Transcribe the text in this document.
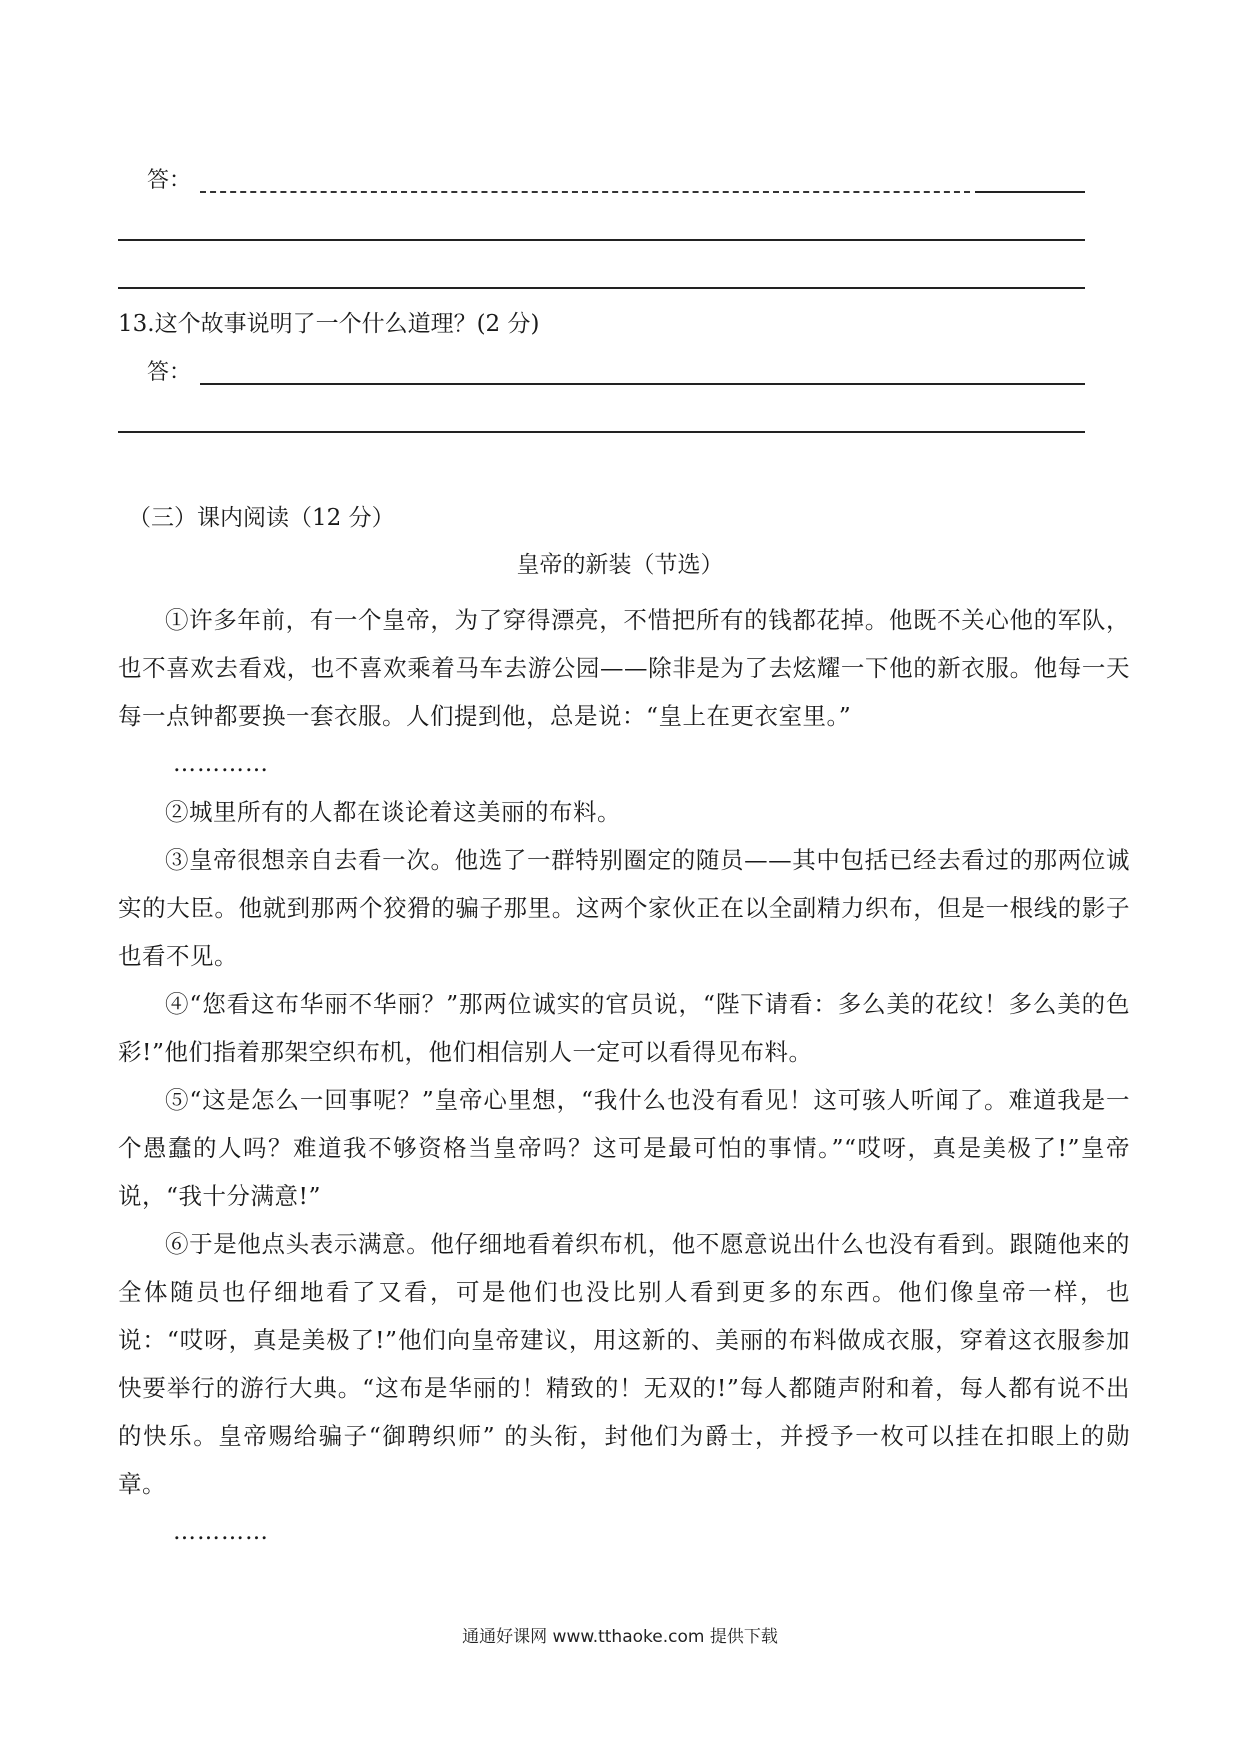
答：
13.这个故事说明了一个什么道理？(2 分)
答：
（三）课内阅读（12 分）
皇帝的新装（节选）

①许多年前，有一个皇帝，为了穿得漂亮，不惜把所有的钱都花掉。他既不关心他的军队，也不喜欢去看戏，也不喜欢乘着马车去游公园——除非是为了去炫耀一下他的新衣服。他每一天每一点钟都要换一套衣服。人们提到他，总是说：“皇上在更衣室里。”

…………

②城里所有的人都在谈论着这美丽的布料。

③皇帝很想亲自去看一次。他选了一群特别圈定的随员——其中包括已经去看过的那两位诚实的大臣。他就到那两个狡猾的骗子那里。这两个家伙正在以全副精力织布，但是一根线的影子也看不见。

④“您看这布华丽不华丽？”那两位诚实的官员说，“陛下请看：多么美的花纹！多么美的色彩!”他们指着那架空织布机，他们相信别人一定可以看得见布料。

⑤“这是怎么一回事呢？”皇帝心里想，“我什么也没有看见！这可骇人听闻了。难道我是一个愚蠢的人吗？难道我不够资格当皇帝吗？这可是最可怕的事情。”“哎呀，真是美极了!”皇帝说，“我十分满意!”

⑥于是他点头表示满意。他仔细地看着织布机，他不愿意说出什么也没有看到。跟随他来的全体随员也仔细地看了又看，可是他们也没比别人看到更多的东西。他们像皇帝一样，也说：“哎呀，真是美极了!”他们向皇帝建议，用这新的、美丽的布料做成衣服，穿着这衣服参加快要举行的游行大典。“这布是华丽的！精致的！无双的!”每人都随声附和着，每人都有说不出的快乐。皇帝赐给骗子“御聘织师” 的头衔，封他们为爵士，并授予一枚可以挂在扣眼上的勋章。

…………

通通好课网 www.tthaoke.com 提供下载
